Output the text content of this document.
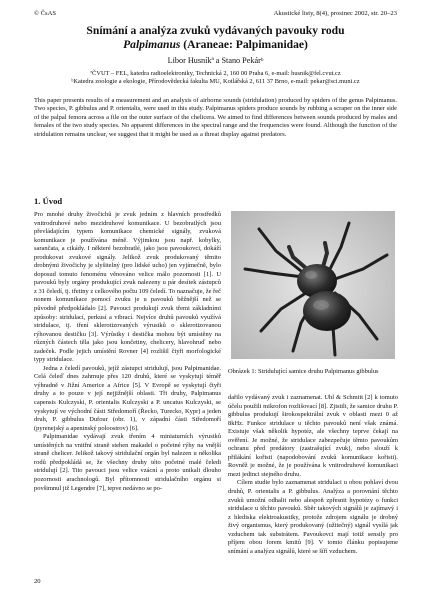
© ČsAS	Akustické listy, 8(4), prosinec 2002, str. 20–23
Snímání a analýza zvuků vydávaných pavouky rodu
Palpimanus (Araneae: Palpimanidae)
Libor Husníkª a Stano Pekárᵇ
ªČVUT – FEL, katedra radioelektroniky, Technická 2, 160 00 Praha 6, e-mail: husnik@fel.cvut.cz
ᵇKatedra zoologie a ekologie, Přírodovědecká fakulta MU, Kotlářská 2, 611 37 Brno, e-mail: pekar@sci.muni.cz
This paper presents results of a measurement and an analysis of airborne sounds (stridulation) produced by spiders of the genus Palpimanus. Two species, P. gibbulus and P. orientalis, were used in this study. Palpimanus spiders produce sounds by rubbing a scraper on the inner side of the palpal femora across a file on the outer surface of the chelicera. We aimed to find differences between sounds produced by males and females of the two study species. No apparent differences in the spectral range and the frequencies were found. Although the function of the stridulation remains unclear, we suggest that it might be used as a threat display against predators.
1. Úvod

Pro mnohé druhy živočichů je zvuk jedním z hlavních prostředků vnitrodruhové nebo mezidruhové komunikace. U bezobratlých jsou převládajícím typem komunikace chemické signály, zvuková komunikace je používána méně. Výjimkou jsou např. kobylky, sarančata, a cikády. I některé bezobratlé, jako jsou pavoukovci, dokáží produkovat zvukové signály. Jelikož zvuk produkovaný těmito drobnými živočichy je slyšitelný (pro lidské ucho) jen vyjímečně, bylo doposud tomuto fenoménu věnováno velice málo pozornosti [1]. U pavouků byly orgány produkující zvuk nalezeny u pár desítek zástupců z 31 čeledí, tj. třetiny z celkového počtu 109 čeledí. To naznačuje, že řeč nonem komunikace pomocí zvuku je u pavouků běžnější než se původně předpokládalo [2]. Pavouci produkují zvuk třemi základními způsoby: stridulací, perkusí a vibrací. Nejvíce druhů pavouků využívá stridulace, tj. tření sklerotizovaných výrustků o sklerotizovanou rýhovanou destičku [3]. Výrůstky i destička mohou být umístěny na různých částech těla jako jsou končetiny, chelicery, hlavohruď nebo zadeček. Podle jejich umístění Rovner [4] rozlišil čtyři morfologické typy stridulace.

Jedna z čeledí pavouků, jejíž zástupci stridulují, jsou Palpimanidae. Celá čeleď dnes zahrnuje přes 120 druhů, které se vyskytují téměř výhradně v Jižní Americe a Africe [5]. V Evropě se vyskytují čtyři druhy a to pouze v její nejjižnější oblasti. Tři druhy, Palpimanus capensis Kulczyski, P. orientalis Kulczyski a P. uncatus Kulczyski, se vyskytují ve východní části Středomoří (Řecko, Turecko, Kypr) a jeden druh, P. gibbulus Dufour (obr. 1), v západní části Středomoří (pyrenejský a apeninský poloostrov) [6].

Palpimanidae vydávají zvuk třením 4 miniaturních výrustků umístěných na vnitřní straně stehen makadel o početné rýhy na vnější straně chelicer. Jelikož takový stridulační orgán byl nalezen u několika rodů předpokládá se, že všechny druhy této početné malé čeledi stridulují [2]. Tito pavouci jsou velice vzácní a proto unikali dlouho pozornosti arachnologů. Byl přítomnosti stridulačního orgánu si povšimnul již Legendre [7], tepve nedávno se po-

Obrázek 1: Stridulující samice druhu Palpimanus gibbulus

dařilo vydávaný zvuk i zaznamenat. Uhl & Schmitt [2] k tomuto účelu použili mikrofon rozlišovací [8]. Zjistili, že samice druhu P. gibbulus produkují širokospektrální zvuk v oblasti mezi 0 až 8kHz. Funkce stridulace u těchto pavouků není však známá. Existuje však několik hypotéz, ale všechny teprve čekají na ověření. Je možné, že stridulace zabezpečuje těmto pavoukům ochranu před predátory (zastrašující zvuk), nebo slouží k přilákání kořisti (napodobování zvuků komunikace kořisti). Rovněž je možné, že je používána k vnitrodruhové komunikaci mezi jedinci stejného druhu.

Cílem studie bylo zaznamenat stridulaci u obou pohlaví dvou druhů, P. orientalis a P. gibbulus. Analýza a porovnání těchto zvuků umožní odhalit nebo alespoň zpřesnit hypotézy o funkci stridulace u těchto pavouků. Sběr takových signálů je zajímavý i z hlediska elektroakustiky, protože zdrojem signálu je drobný živý organismus, který produkovaný (užitečný) signál vysílá jak vzduchem tak substrátem. Pavoukovci mají totiž sensily pro příjem obou forem kmitů [9]. V tomto článku popisujeme snímání a analýzu signálů, které se šíří vzduchem.

20
